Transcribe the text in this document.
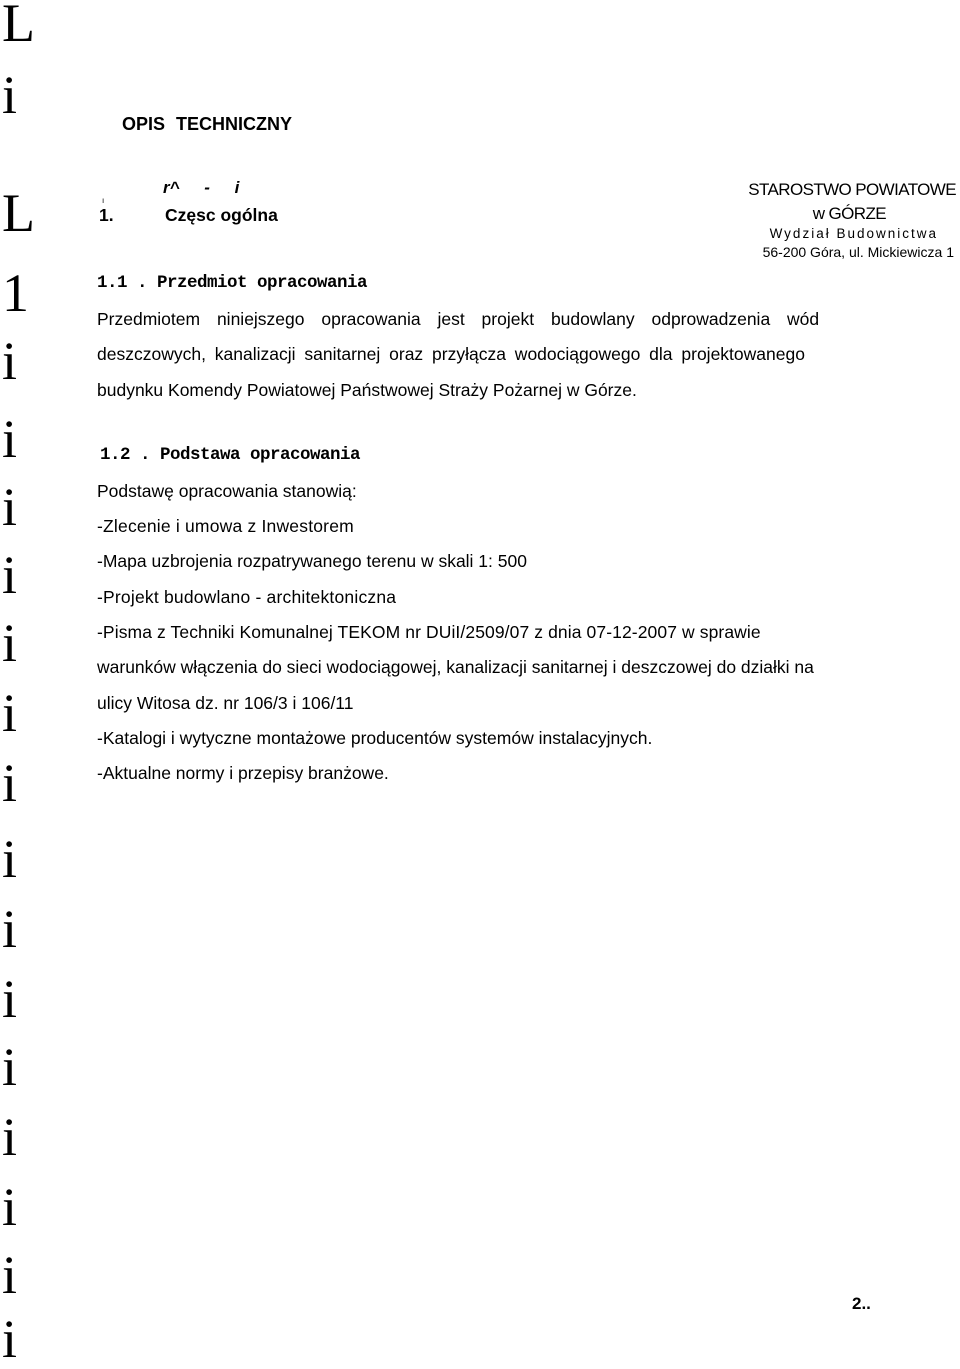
L
i
L
1
i
i
i
i
i
i
i
i
i
i
i
i
i
i
i
OPIS TECHNICZNY
ı
r^ - i	STAROSTWO POWIATOWE
w GÓRZE
Wydział Budownictwa
56-200 Góra, ul. Mickiewicza 1
1.	Częsc ogólna
1.1 . Przedmiot opracowania
Przedmiotem niniejszego opracowania jest projekt budowlany odprowadzenia wód
deszczowych, kanalizacji sanitarnej oraz przyłącza wodociągowego dla projektowanego
budynku Komendy Powiatowej Państwowej Straży Pożarnej w Górze.
1.2 . Podstawa opracowania
Podstawę opracowania stanowią:
-Zlecenie i umowa z Inwestorem
-Mapa uzbrojenia rozpatrywanego terenu w skali 1: 500
-Projekt budowlano - architektoniczna
-Pisma z Techniki Komunalnej TEKOM nr DUiI/2509/07 z dnia 07-12-2007 w sprawie
warunków włączenia do sieci wodociągowej, kanalizacji sanitarnej i deszczowej do działki na
ulicy Witosa dz. nr 106/3 i 106/11
-Katalogi i wytyczne montażowe producentów systemów instalacyjnych.
-Aktualne normy i przepisy branżowe.
2..
